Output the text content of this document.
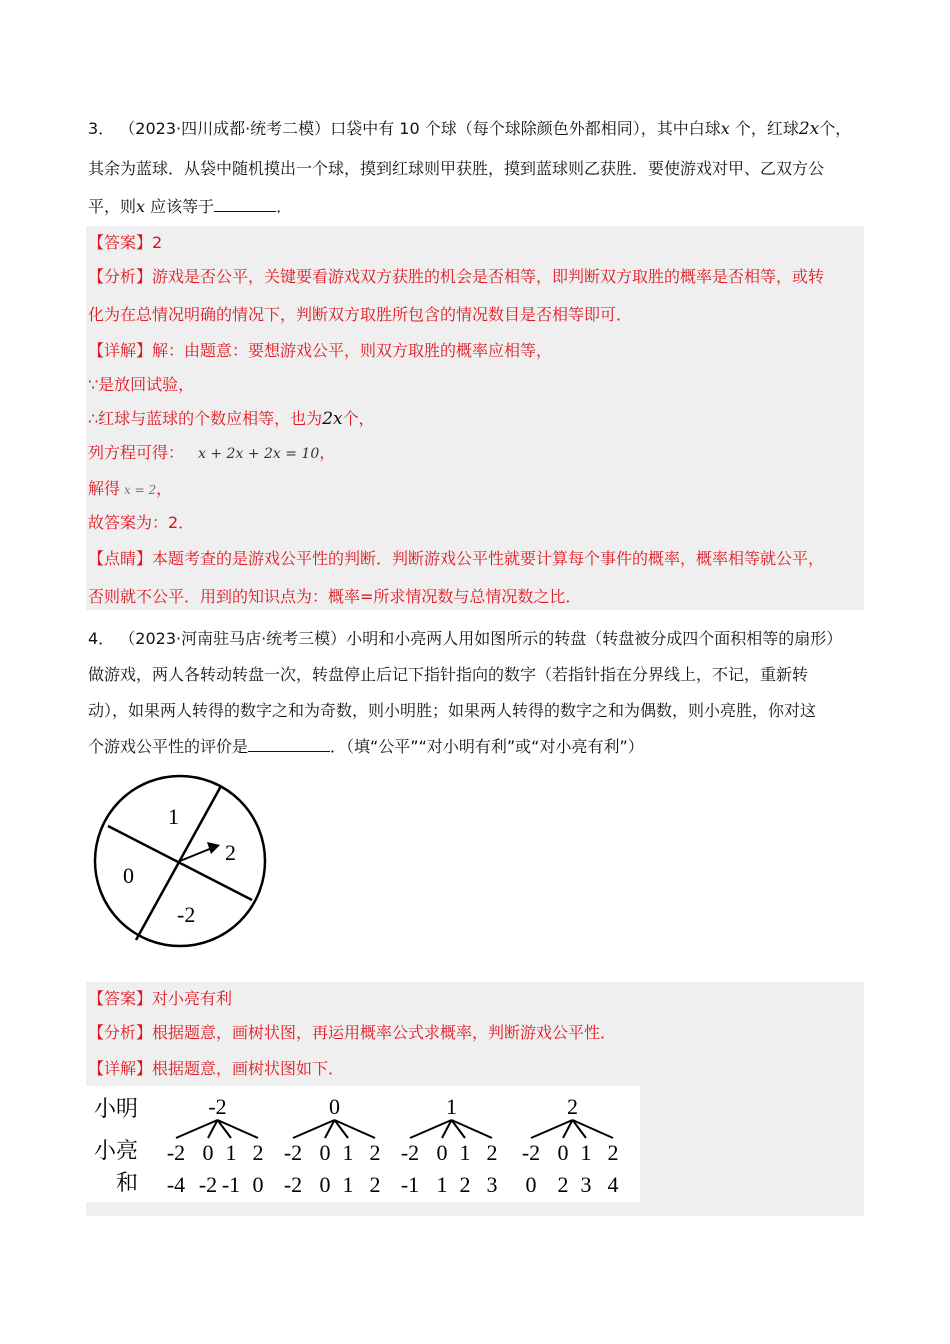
3． （2023·四川成都·统考二模）口袋中有 10 个球（每个球除颜色外都相同），其中白球x 个，红球2x个，
其余为蓝球．从袋中随机摸出一个球，摸到红球则甲获胜，摸到蓝球则乙获胜．要使游戏对甲、乙双方公
平，则x 应该等于	．
【答案】2
【分析】游戏是否公平，关键要看游戏双方获胜的机会是否相等，即判断双方取胜的概率是否相等，或转
化为在总情况明确的情况下，判断双方取胜所包含的情况数目是否相等即可．
【详解】解：由题意：要想游戏公平，则双方取胜的概率应相等，
∵是放回试验，
∴红球与蓝球的个数应相等，也为2x个，
列方程可得： x + 2x + 2x = 10，
解得 x = 2，
故答案为：2．
【点睛】本题考查的是游戏公平性的判断．判断游戏公平性就要计算每个事件的概率，概率相等就公平，
否则就不公平．用到的知识点为：概率=所求情况数与总情况数之比．
4． （2023·河南驻马店·统考三模）小明和小亮两人用如图所示的转盘（转盘被分成四个面积相等的扇形）
做游戏，两人各转动转盘一次，转盘停止后记下指针指向的数字（若指针指在分界线上，不记，重新转
动），如果两人转得的数字之和为奇数，则小明胜；如果两人转得的数字之和为偶数，则小亮胜，你对这
个游戏公平性的评价是	．（填“公平”“对小明有利”或“对小亮有利”）
1
2
-2
0
【答案】对小亮有利
【分析】根据题意，画树状图，再运用概率公式求概率，判断游戏公平性．
【详解】根据题意，画树状图如下．
小明
小亮
和
-2
-2
-4
0
-2
1
-1
2
0
0
-2
-2
0
0
1
1
2
2
1
-2
-1
0
1
1
2
2
3
2
-2
0
0
2
1
3
2
4
